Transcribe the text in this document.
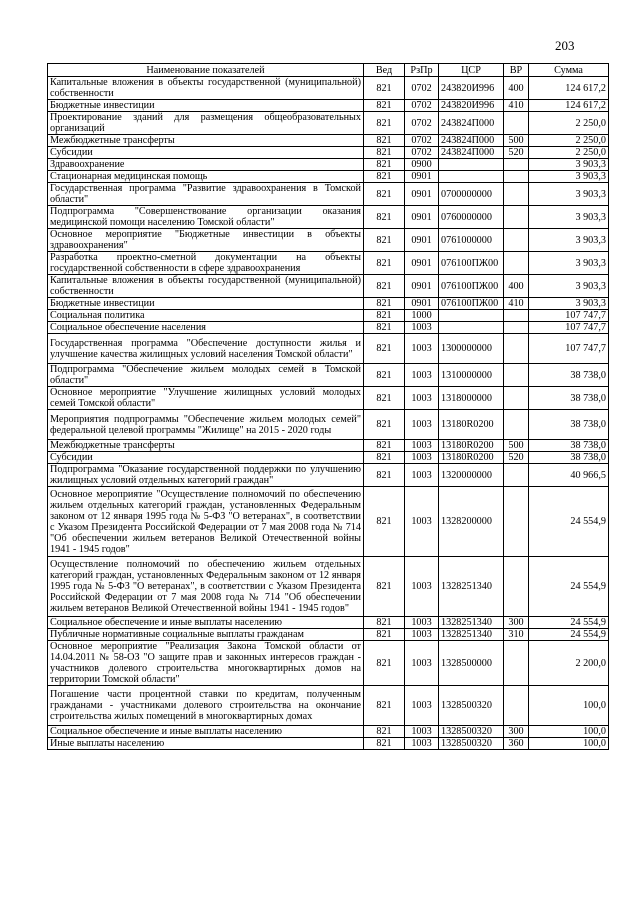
203
Наименование показателей	Вед	РзПр	ЦСР	ВР	Сумма
Капитальные вложения в объекты государственной (муниципальной) собственности	821	0702	243820И996	400	124 617,2
Бюджетные инвестиции	821	0702	243820И996	410	124 617,2
Проектирование зданий для размещения общеобразовательных организаций	821	0702	243824П000		2 250,0
Межбюджетные трансферты	821	0702	243824П000	500	2 250,0
Субсидии	821	0702	243824П000	520	2 250,0
Здравоохранение	821	0900			3 903,3
Стационарная медицинская помощь	821	0901			3 903,3
Государственная программа "Развитие здравоохранения в Томской области"	821	0901	0700000000		3 903,3
Подпрограмма "Совершенствование организации оказания медицинской помощи населению Томской области"	821	0901	0760000000		3 903,3
Основное мероприятие "Бюджетные инвестиции в объекты здравоохранения"	821	0901	0761000000		3 903,3
Разработка проектно-сметной документации на объекты государственной собственности в сфере здравоохранения	821	0901	076100ПЖ00		3 903,3
Капитальные вложения в объекты государственной (муниципальной) собственности	821	0901	076100ПЖ00	400	3 903,3
Бюджетные инвестиции	821	0901	076100ПЖ00	410	3 903,3
Социальная политика	821	1000			107 747,7
Социальное обеспечение населения	821	1003			107 747,7
Государственная программа "Обеспечение доступности жилья и улучшение качества жилищных условий населения Томской области"	821	1003	1300000000		107 747,7
Подпрограмма "Обеспечение жильем молодых семей в Томской области"	821	1003	1310000000		38 738,0
Основное мероприятие "Улучшение жилищных условий молодых семей Томской области"	821	1003	1318000000		38 738,0
Мероприятия подпрограммы "Обеспечение жильем молодых семей" федеральной целевой программы "Жилище" на 2015 - 2020 годы	821	1003	13180R0200		38 738,0
Межбюджетные трансферты	821	1003	13180R0200	500	38 738,0
Субсидии	821	1003	13180R0200	520	38 738,0
Подпрограмма "Оказание государственной поддержки по улучшению жилищных условий отдельных категорий граждан"	821	1003	1320000000		40 966,5
Основное мероприятие "Осуществление полномочий по обеспечению жильем отдельных категорий граждан, установленных Федеральным законом от 12 января 1995 года № 5-ФЗ "О ветеранах", в соответствии с Указом Президента Российской Федерации от 7 мая 2008 года № 714 "Об обеспечении жильем ветеранов Великой Отечественной войны 1941 - 1945 годов"	821	1003	1328200000		24 554,9
Осуществление полномочий по обеспечению жильем отдельных категорий граждан, установленных Федеральным законом от 12 января 1995 года № 5-ФЗ "О ветеранах", в соответствии с Указом Президента Российской Федерации от 7 мая 2008 года № 714 "Об обеспечении жильем ветеранов Великой Отечественной войны 1941 - 1945 годов"	821	1003	1328251340		24 554,9
Социальное обеспечение и иные выплаты населению	821	1003	1328251340	300	24 554,9
Публичные нормативные социальные выплаты гражданам	821	1003	1328251340	310	24 554,9
Основное мероприятие "Реализация Закона Томской области от 14.04.2011 № 58-ОЗ "О защите прав и законных интересов граждан - участников долевого строительства многоквартирных домов на территории Томской области"	821	1003	1328500000		2 200,0
Погашение части процентной ставки по кредитам, полученным гражданами - участниками долевого строительства на окончание строительства жилых помещений в многоквартирных домах	821	1003	1328500320		100,0
Социальное обеспечение и иные выплаты населению	821	1003	1328500320	300	100,0
Иные выплаты населению	821	1003	1328500320	360	100,0
